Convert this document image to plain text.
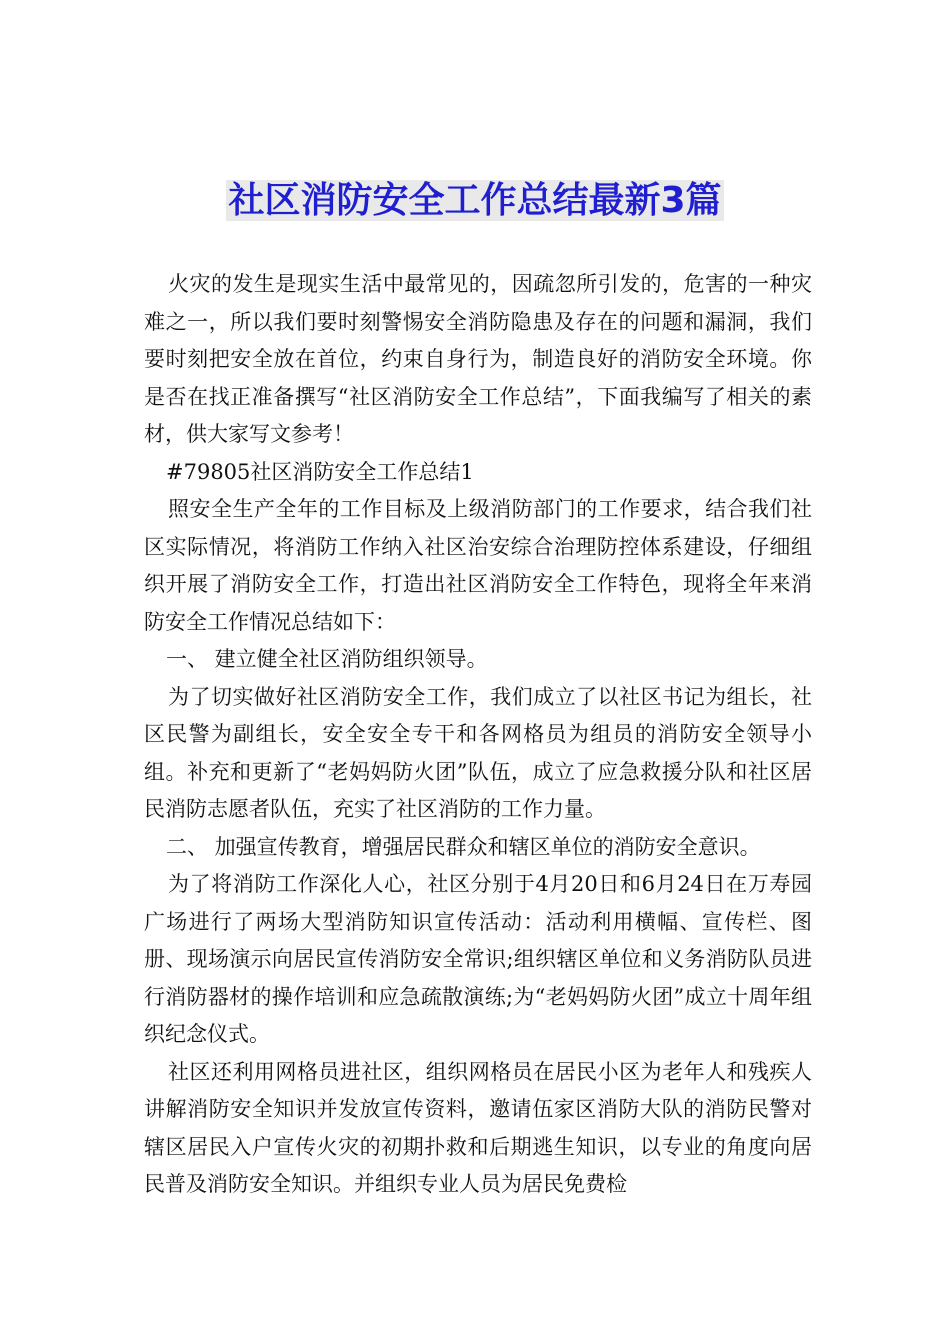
社区消防安全工作总结最新3篇

火灾的发生是现实生活中最常见的，因疏忽所引发的，危害的一种灾难之一，所以我们要时刻警惕安全消防隐患及存在的问题和漏洞，我们要时刻把安全放在首位，约束自身行为，制造良好的消防安全环境。你是否在找正准备撰写“社区消防安全工作总结”，下面我编写了相关的素材，供大家写文参考！

#79805社区消防安全工作总结1

照安全生产全年的工作目标及上级消防部门的工作要求，结合我们社区实际情况，将消防工作纳入社区治安综合治理防控体系建设，仔细组织开展了消防安全工作，打造出社区消防安全工作特色，现将全年来消防安全工作情况总结如下：

一、 建立健全社区消防组织领导。

为了切实做好社区消防安全工作，我们成立了以社区书记为组长，社区民警为副组长，安全安全专干和各网格员为组员的消防安全领导小组。补充和更新了“老妈妈防火团”队伍，成立了应急救援分队和社区居民消防志愿者队伍，充实了社区消防的工作力量。

二、 加强宣传教育，增强居民群众和辖区单位的消防安全意识。

为了将消防工作深化人心，社区分别于4月20日和6月24日在万寿园广场进行了两场大型消防知识宣传活动：活动利用横幅、宣传栏、图册、现场演示向居民宣传消防安全常识;组织辖区单位和义务消防队员进行消防器材的操作培训和应急疏散演练;为“老妈妈防火团”成立十周年组织纪念仪式。

社区还利用网格员进社区，组织网格员在居民小区为老年人和残疾人讲解消防安全知识并发放宣传资料，邀请伍家区消防大队的消防民警对辖区居民入户宣传火灾的初期扑救和后期逃生知识，以专业的角度向居民普及消防安全知识。并组织专业人员为居民免费检
